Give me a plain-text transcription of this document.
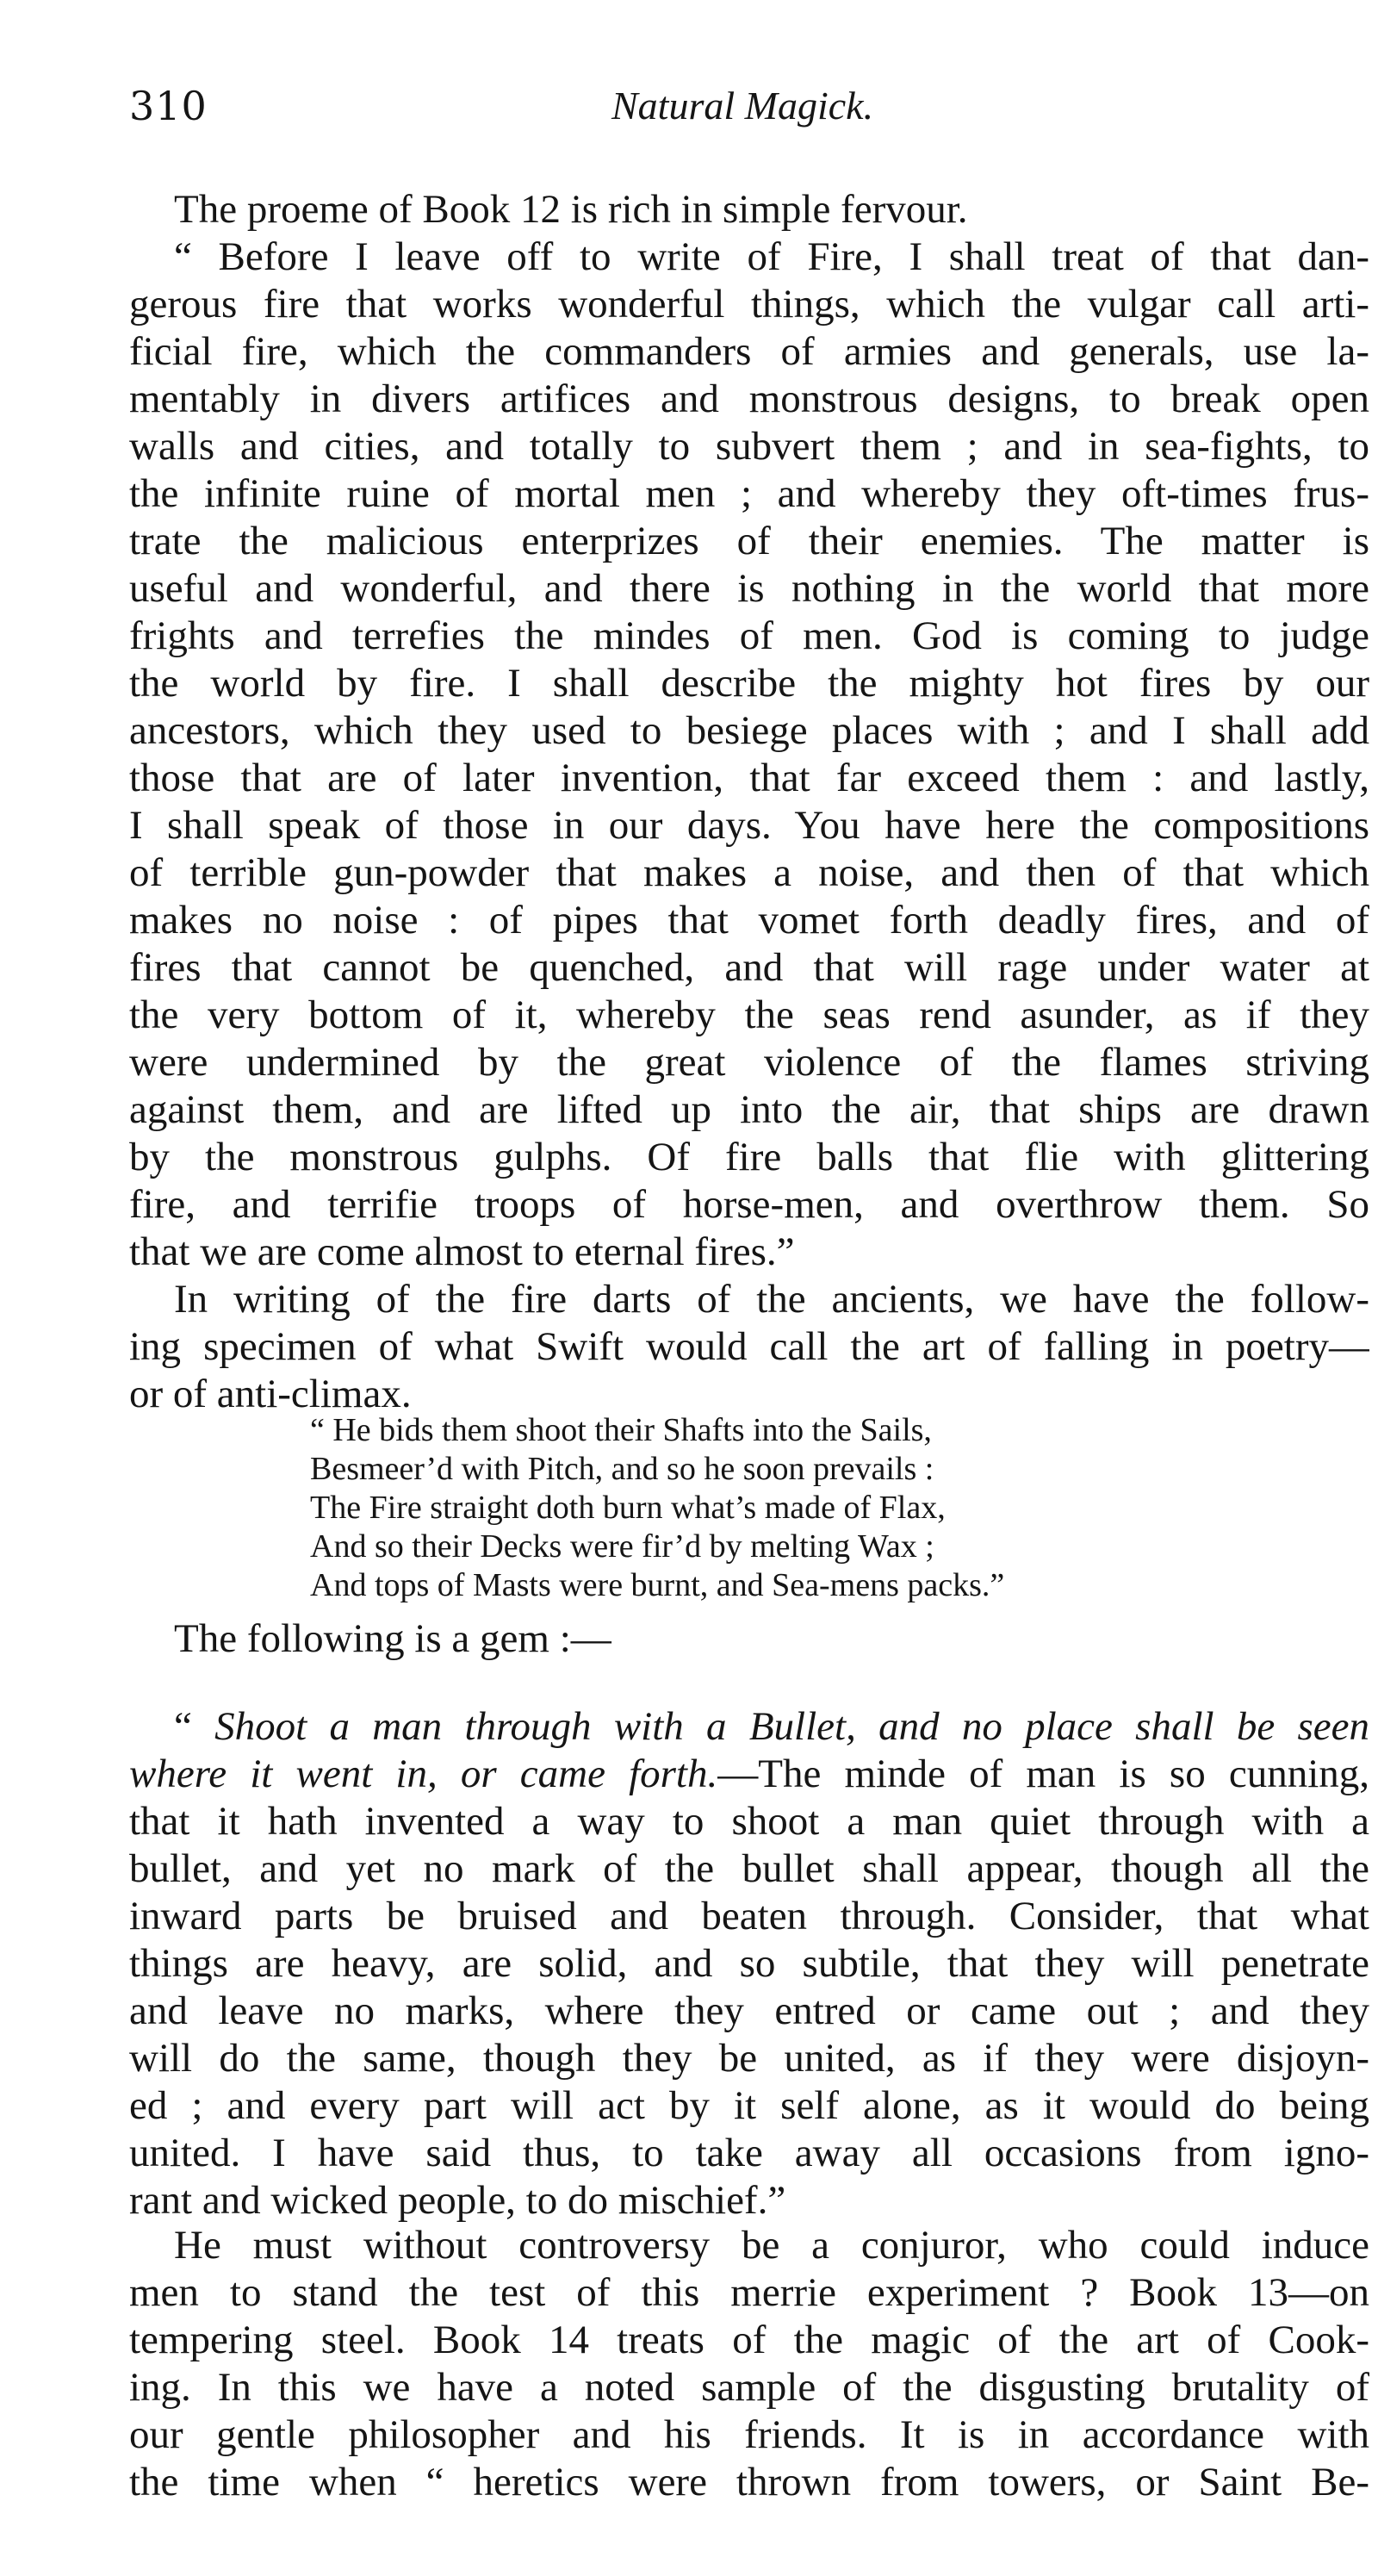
310	Natural Magick.
The proeme of Book 12 is rich in simple fervour.
“ Before I leave off to write of Fire, I shall treat of that dan-
gerous fire that works wonderful things, which the vulgar call arti-
ficial fire, which the commanders of armies and generals, use la-
mentably in divers artifices and monstrous designs, to break open
walls and cities, and totally to subvert them ; and in sea-fights, to
the infinite ruine of mortal men ; and whereby they oft-times frus-
trate the malicious enterprizes of their enemies. The matter is
useful and wonderful, and there is nothing in the world that more
frights and terrefies the mindes of men. God is coming to judge
the world by fire. I shall describe the mighty hot fires by our
ancestors, which they used to besiege places with ; and I shall add
those that are of later invention, that far exceed them : and lastly,
I shall speak of those in our days. You have here the compositions
of terrible gun-powder that makes a noise, and then of that which
makes no noise : of pipes that vomet forth deadly fires, and of
fires that cannot be quenched, and that will rage under water at
the very bottom of it, whereby the seas rend asunder, as if they
were undermined by the great violence of the flames striving
against them, and are lifted up into the air, that ships are drawn
by the monstrous gulphs. Of fire balls that flie with glittering
fire, and terrifie troops of horse-men, and overthrow them. So
that we are come almost to eternal fires.”
In writing of the fire darts of the ancients, we have the follow-
ing specimen of what Swift would call the art of falling in poetry—
or of anti-climax.
“ He bids them shoot their Shafts into the Sails,
Besmeer’d with Pitch, and so he soon prevails :
The Fire straight doth burn what’s made of Flax,
And so their Decks were fir’d by melting Wax ;
And tops of Masts were burnt, and Sea-mens packs.”
The following is a gem :—
“ Shoot a man through with a Bullet, and no place shall be seen
where it went in, or came forth.—The minde of man is so cunning,
that it hath invented a way to shoot a man quiet through with a
bullet, and yet no mark of the bullet shall appear, though all the
inward parts be bruised and beaten through. Consider, that what
things are heavy, are solid, and so subtile, that they will penetrate
and leave no marks, where they entred or came out ; and they
will do the same, though they be united, as if they were disjoyn-
ed ; and every part will act by it self alone, as it would do being
united. I have said thus, to take away all occasions from igno-
rant and wicked people, to do mischief.”
He must without controversy be a conjuror, who could induce
men to stand the test of this merrie experiment ? Book 13—on
tempering steel. Book 14 treats of the magic of the art of Cook-
ing. In this we have a noted sample of the disgusting brutality of
our gentle philosopher and his friends. It is in accordance with
the time when “ heretics were thrown from towers, or Saint Be-
